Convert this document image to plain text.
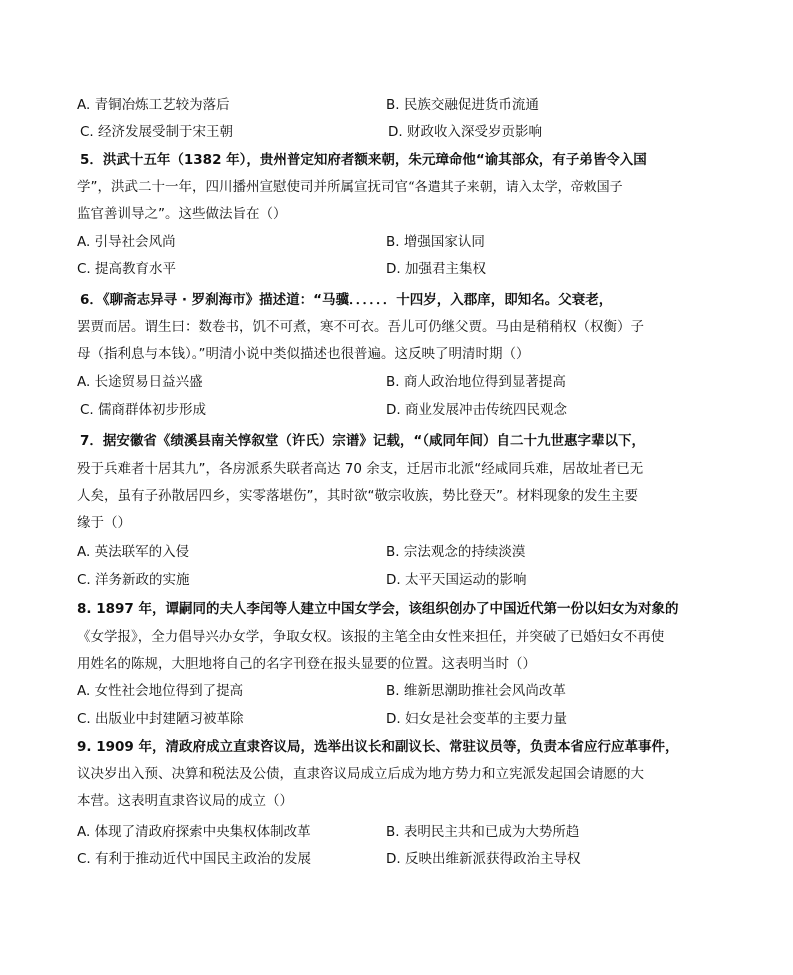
A. 青铜冶炼工艺较为落后	B. 民族交融促进货币流通
C. 经济发展受制于宋王朝	D. 财政收入深受岁贡影响
5．洪武十五年（1382 年），贵州普定知府者额来朝，朱元璋命他“谕其部众，有子弟皆令入国
学”，洪武二十一年，四川播州宣慰使司并所属宣抚司官“各遣其子来朝，请入太学，帝敕国子
监官善训导之”。这些做法旨在（）
A. 引导社会风尚	B. 增强国家认同
C. 提高教育水平	D. 加强君主集权
6．《聊斋志异寻 · 罗刹海市》描述道：“马骥．．．．．．十四岁，入郡庠，即知名。父衰老，
罢贾而居。谓生曰：数卷书，饥不可煮，寒不可衣。吾儿可仍继父贾。马由是稍稍权（权衡）子
母（指利息与本钱）。”明清小说中类似描述也很普遍。这反映了明清时期（）
A. 长途贸易日益兴盛	B. 商人政治地位得到显著提高
C. 儒商群体初步形成	D. 商业发展冲击传统四民观念
7．据安徽省《绩溪县南关惇叙堂（许氏）宗谱》记载，“（咸同年间）自二十九世惠字辈以下，
殁于兵难者十居其九”，各房派系失联者高达 70 余支，迁居市北派“经咸同兵难，居故址者已无
人矣，虽有子孙散居四乡，实零落堪伤”，其时欲“敬宗收族，势比登天”。材料现象的发生主要
缘于（）
A. 英法联军的入侵	B. 宗法观念的持续淡漠
C. 洋务新政的实施	D. 太平天国运动的影响
8. 1897 年，谭嗣同的夫人李闰等人建立中国女学会，该组织创办了中国近代第一份以妇女为对象的
《女学报》，全力倡导兴办女学，争取女权。该报的主笔全由女性来担任，并突破了已婚妇女不再使
用姓名的陈规，大胆地将自己的名字刊登在报头显要的位置。这表明当时（）
A. 女性社会地位得到了提高	B. 维新思潮助推社会风尚改革
C. 出版业中封建陋习被革除	D. 妇女是社会变革的主要力量
9. 1909 年，清政府成立直隶咨议局，选举出议长和副议长、常驻议员等，负责本省应行应革事件，
议决岁出入预、决算和税法及公债，直隶咨议局成立后成为地方势力和立宪派发起国会请愿的大
本营。这表明直隶咨议局的成立（）
A. 体现了清政府探索中央集权体制改革	B. 表明民主共和已成为大势所趋
C. 有利于推动近代中国民主政治的发展	D. 反映出维新派获得政治主导权
